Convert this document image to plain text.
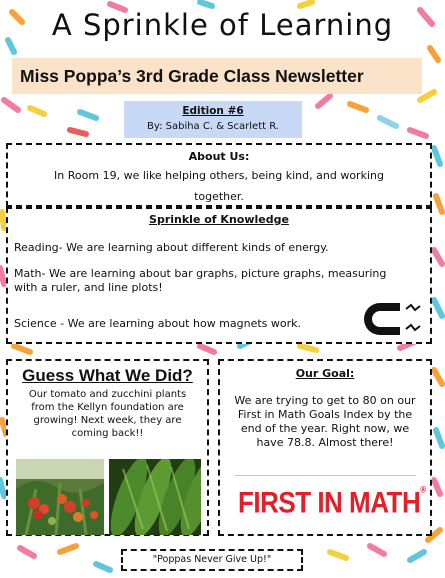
A Sprinkle of Learning
Miss Poppa’s 3rd Grade Class Newsletter
Edition #6
By: Sabiha C. & Scarlett R.
About Us:
In Room 19, we like helping others, being kind, and working together.
Sprinkle of Knowledge
Reading- We are learning about different kinds of energy.
Math- We are learning about bar graphs, picture graphs, measuring with a ruler, and line plots!
Science - We are learning about how magnets work.
Guess What We Did?
Our tomato and zucchini plants from the Kellyn foundation are growing! Next week, they are coming back!!
Our Goal:
We are trying to get to 80 on our First in Math Goals Index by the end of the year. Right now, we have 78.8. Almost there!
FIRST IN MATH®
"Poppas Never Give Up!"
